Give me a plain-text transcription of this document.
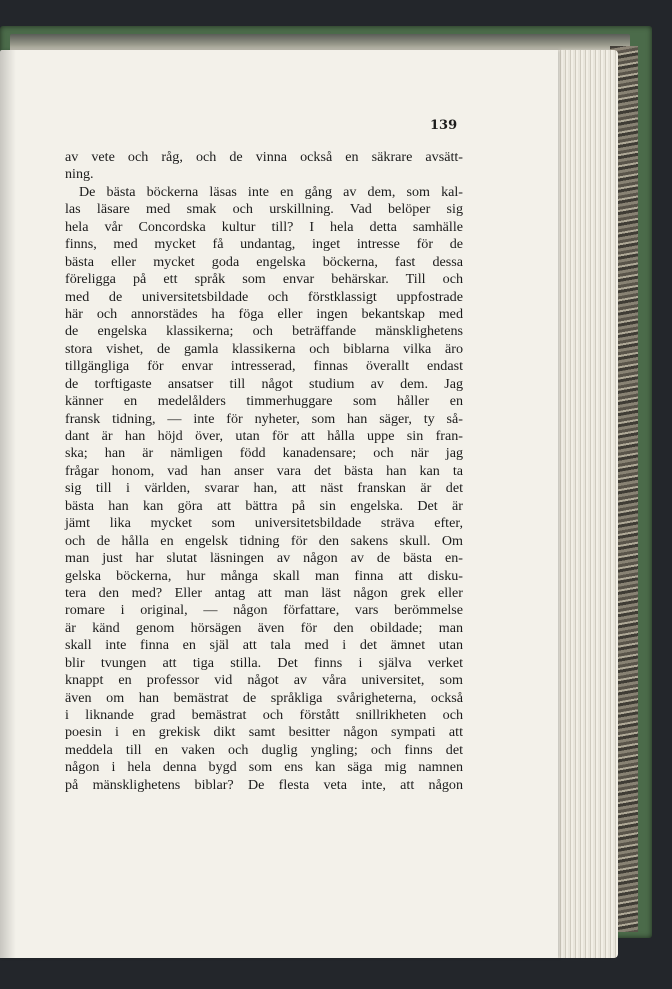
139
av vete och råg, och de vinna också en säkrare avsätt-
ning.
De bästa böckerna läsas inte en gång av dem, som kal-
las läsare med smak och urskillning. Vad belöper sig
hela vår Concordska kultur till? I hela detta samhälle
finns, med mycket få undantag, inget intresse för de
bästa eller mycket goda engelska böckerna, fast dessa
föreligga på ett språk som envar behärskar. Till och
med de universitetsbildade och förstklassigt uppfostrade
här och annorstädes ha föga eller ingen bekantskap med
de engelska klassikerna; och beträffande mänsklighetens
stora vishet, de gamla klassikerna och biblarna vilka äro
tillgängliga för envar intresserad, finnas överallt endast
de torftigaste ansatser till något studium av dem. Jag
känner en medelålders timmerhuggare som håller en
fransk tidning, — inte för nyheter, som han säger, ty så-
dant är han höjd över, utan för att hålla uppe sin fran-
ska; han är nämligen född kanadensare; och när jag
frågar honom, vad han anser vara det bästa han kan ta
sig till i världen, svarar han, att näst franskan är det
bästa han kan göra att bättra på sin engelska. Det är
jämt lika mycket som universitetsbildade sträva efter,
och de hålla en engelsk tidning för den sakens skull. Om
man just har slutat läsningen av någon av de bästa en-
gelska böckerna, hur många skall man finna att disku-
tera den med? Eller antag att man läst någon grek eller
romare i original, — någon författare, vars berömmelse
är känd genom hörsägen även för den obildade; man
skall inte finna en själ att tala med i det ämnet utan
blir tvungen att tiga stilla. Det finns i själva verket
knappt en professor vid något av våra universitet, som
även om han bemästrat de språkliga svårigheterna, också
i liknande grad bemästrat och förstått snillrikheten och
poesin i en grekisk dikt samt besitter någon sympati att
meddela till en vaken och duglig yngling; och finns det
någon i hela denna bygd som ens kan säga mig namnen
på mänsklighetens biblar? De flesta veta inte, att någon
